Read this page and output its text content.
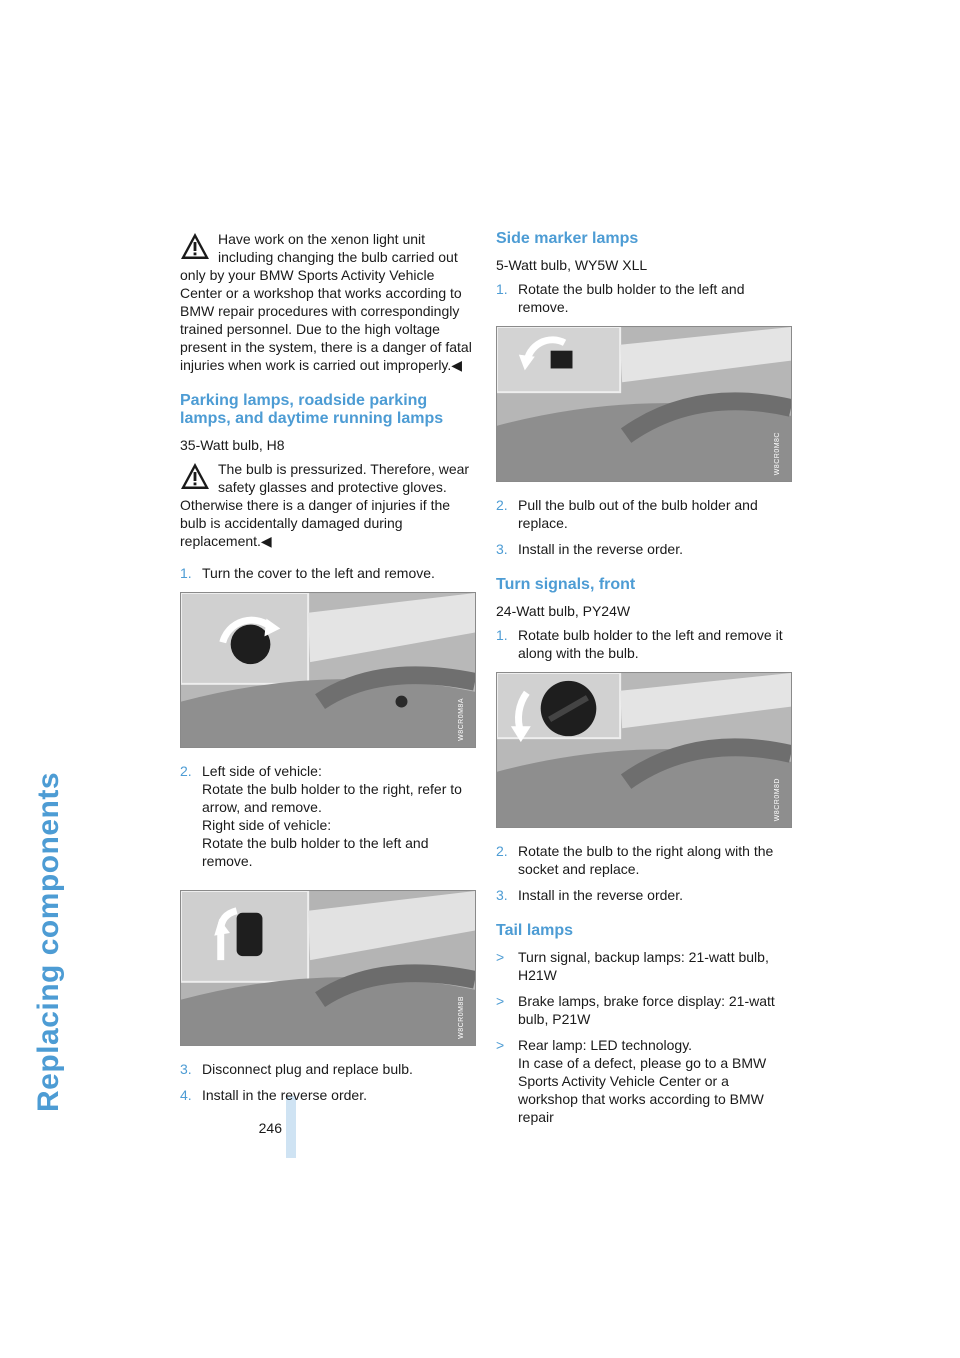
Replacing components
246
Have work on the xenon light unit including changing the bulb carried out only by your BMW Sports Activity Vehicle Center or a workshop that works according to BMW repair procedures with correspondingly trained personnel. Due to the high voltage present in the system, there is a danger of fatal injuries when work is carried out improperly.◀
Parking lamps, roadside parking lamps, and daytime running lamps

35-Watt bulb, H8

The bulb is pressurized. Therefore, wear safety glasses and protective gloves. Otherwise there is a danger of injuries if the bulb is accidentally damaged during replacement.◀
1. Turn the cover to the left and remove.
W8CR0M8A
2. Left side of vehicle:
Rotate the bulb holder to the right, refer to arrow, and remove.
Right side of vehicle:
Rotate the bulb holder to the left and remove.
W8CR0M8B
3. Disconnect plug and replace bulb.
4. Install in the reverse order.
Side marker lamps

5-Watt bulb, WY5W XLL

1. Rotate the bulb holder to the left and remove.
W8CR0M8C
2. Pull the bulb out of the bulb holder and replace.
3. Install in the reverse order.
Turn signals, front

24-Watt bulb, PY24W

1. Rotate bulb holder to the left and remove it along with the bulb.
W8CR0M8D
2. Rotate the bulb to the right along with the socket and replace.
3. Install in the reverse order.
Tail lamps
> Turn signal, backup lamps: 21-watt bulb, H21W
> Brake lamps, brake force display: 21-watt bulb, P21W
> Rear lamp: LED technology.
In case of a defect, please go to a BMW Sports Activity Vehicle Center or a workshop that works according to BMW repair
